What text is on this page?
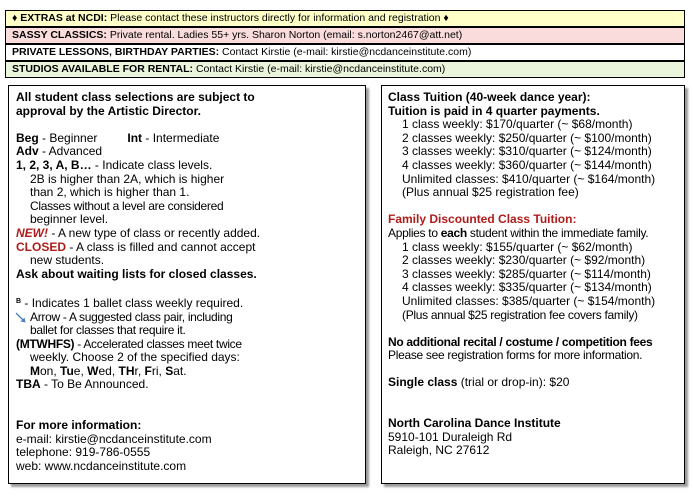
♦ EXTRAS at NCDI: Please contact these instructors directly for information and registration ♦
SASSY CLASSICS: Private rental. Ladies 55+ yrs. Sharon Norton (email: s.norton2467@att.net)
PRIVATE LESSONS, BIRTHDAY PARTIES: Contact Kirstie (e-mail: kirstie@ncdanceinstitute.com)
STUDIOS AVAILABLE FOR RENTAL: Contact Kirstie (e-mail: kirstie@ncdanceinstitute.com)
All student class selections are subject to
approval by the Artistic Director.
Beg - Beginner	Int - Intermediate
Adv - Advanced
1, 2, 3, A, B… - Indicate class levels.
2B is higher than 2A, which is higher
than 2, which is higher than 1.
Classes without a level are considered
beginner level.
NEW! - A new type of class or recently added.
CLOSED - A class is filled and cannot accept
new students.
Ask about waiting lists for closed classes.
$^B$ - Indicates 1 ballet class weekly required.
Arrow - A suggested class pair, including
ballet for classes that require it.
(MTWHFS) - Accelerated classes meet twice
weekly. Choose 2 of the specified days:
Mon, Tue, Wed, THr, Fri, Sat.
TBA - To Be Announced.
For more information:
e-mail: kirstie@ncdanceinstitute.com
telephone: 919-786-0555
web: www.ncdanceinstitute.com
Class Tuition (40-week dance year):
Tuition is paid in 4 quarter payments.
1 class weekly: $170/quarter (~ $68/month)
2 classes weekly: $250/quarter (~ $100/month)
3 classes weekly: $310/quarter (~ $124/month)
4 classes weekly: $360/quarter (~ $144/month)
Unlimited classes: $410/quarter (~ $164/month)
(Plus annual $25 registration fee)
Family Discounted Class Tuition:
Applies to each student within the immediate family.
1 class weekly: $155/quarter (~ $62/month)
2 classes weekly: $230/quarter (~ $92/month)
3 classes weekly: $285/quarter (~ $114/month)
4 classes weekly: $335/quarter (~ $134/month)
Unlimited classes: $385/quarter (~ $154/month)
(Plus annual $25 registration fee covers family)
No additional recital / costume / competition fees
Please see registration forms for more information.
Single class (trial or drop-in): $20
North Carolina Dance Institute
5910-101 Duraleigh Rd
Raleigh, NC 27612
